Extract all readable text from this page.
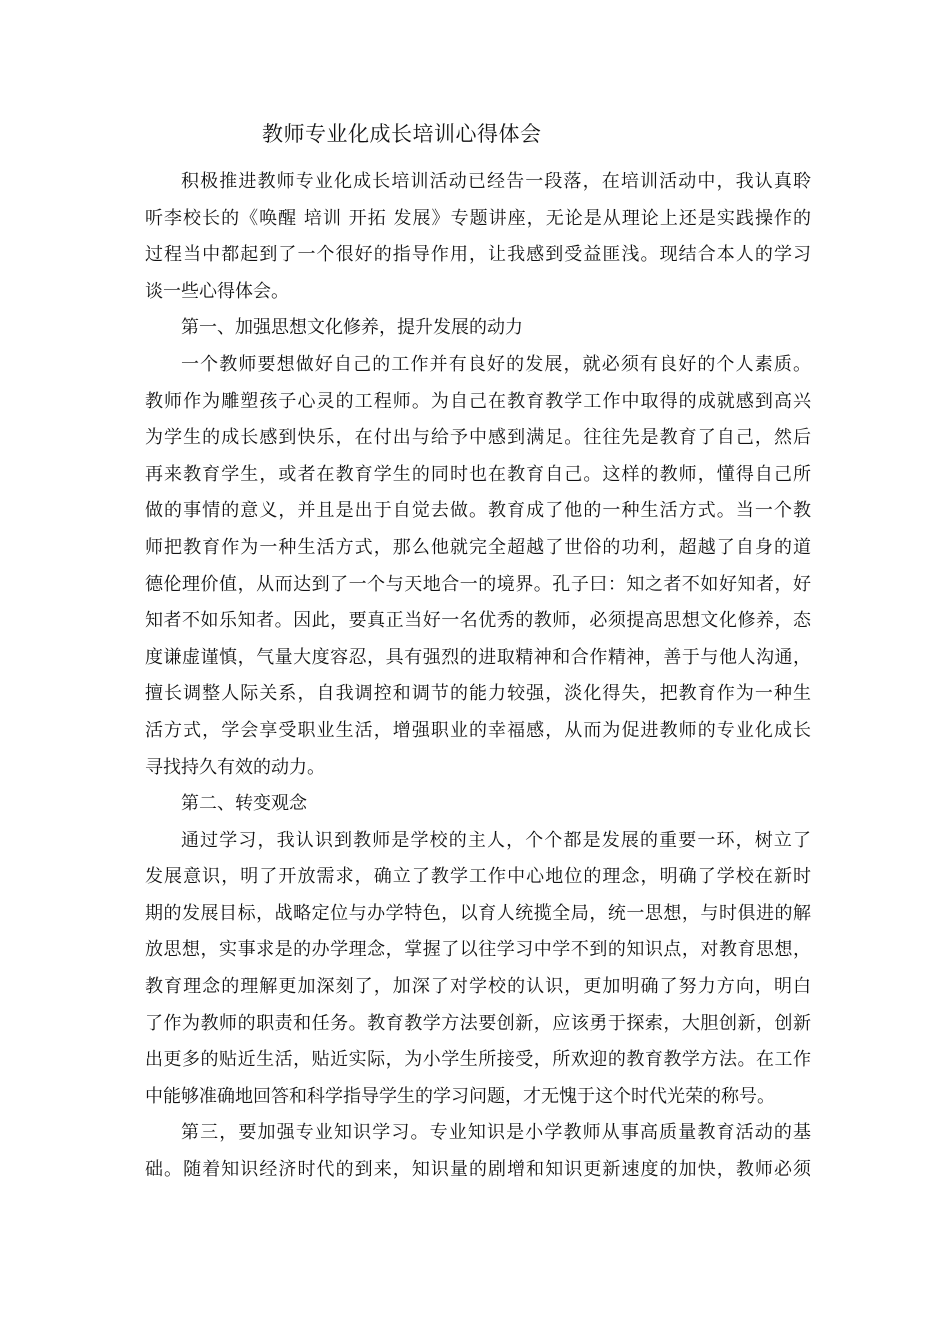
教师专业化成长培训心得体会
积极推进教师专业化成长培训活动已经告一段落，在培训活动中，我认真聆
听李校长的《唤醒 培训 开拓 发展》专题讲座，无论是从理论上还是实践操作的
过程当中都起到了一个很好的指导作用，让我感到受益匪浅。现结合本人的学习
谈一些心得体会。
第一、加强思想文化修养，提升发展的动力
一个教师要想做好自己的工作并有良好的发展，就必须有良好的个人素质。
教师作为雕塑孩子心灵的工程师。为自己在教育教学工作中取得的成就感到高兴
为学生的成长感到快乐，在付出与给予中感到满足。往往先是教育了自己，然后
再来教育学生，或者在教育学生的同时也在教育自己。这样的教师，懂得自己所
做的事情的意义，并且是出于自觉去做。教育成了他的一种生活方式。当一个教
师把教育作为一种生活方式，那么他就完全超越了世俗的功利，超越了自身的道
德伦理价值，从而达到了一个与天地合一的境界。孔子曰：知之者不如好知者，好
知者不如乐知者。因此，要真正当好一名优秀的教师，必须提高思想文化修养，态
度谦虚谨慎，气量大度容忍，具有强烈的进取精神和合作精神，善于与他人沟通，
擅长调整人际关系，自我调控和调节的能力较强，淡化得失，把教育作为一种生
活方式，学会享受职业生活，增强职业的幸福感，从而为促进教师的专业化成长
寻找持久有效的动力。
第二、转变观念
通过学习，我认识到教师是学校的主人，个个都是发展的重要一环，树立了
发展意识，明了开放需求，确立了教学工作中心地位的理念，明确了学校在新时
期的发展目标，战略定位与办学特色，以育人统揽全局，统一思想，与时俱进的解
放思想，实事求是的办学理念，掌握了以往学习中学不到的知识点，对教育思想，
教育理念的理解更加深刻了，加深了对学校的认识，更加明确了努力方向，明白
了作为教师的职责和任务。教育教学方法要创新，应该勇于探索，大胆创新，创新
出更多的贴近生活，贴近实际，为小学生所接受，所欢迎的教育教学方法。在工作
中能够准确地回答和科学指导学生的学习问题，才无愧于这个时代光荣的称号。
第三，要加强专业知识学习。专业知识是小学教师从事高质量教育活动的基
础。随着知识经济时代的到来，知识量的剧增和知识更新速度的加快，教师必须
